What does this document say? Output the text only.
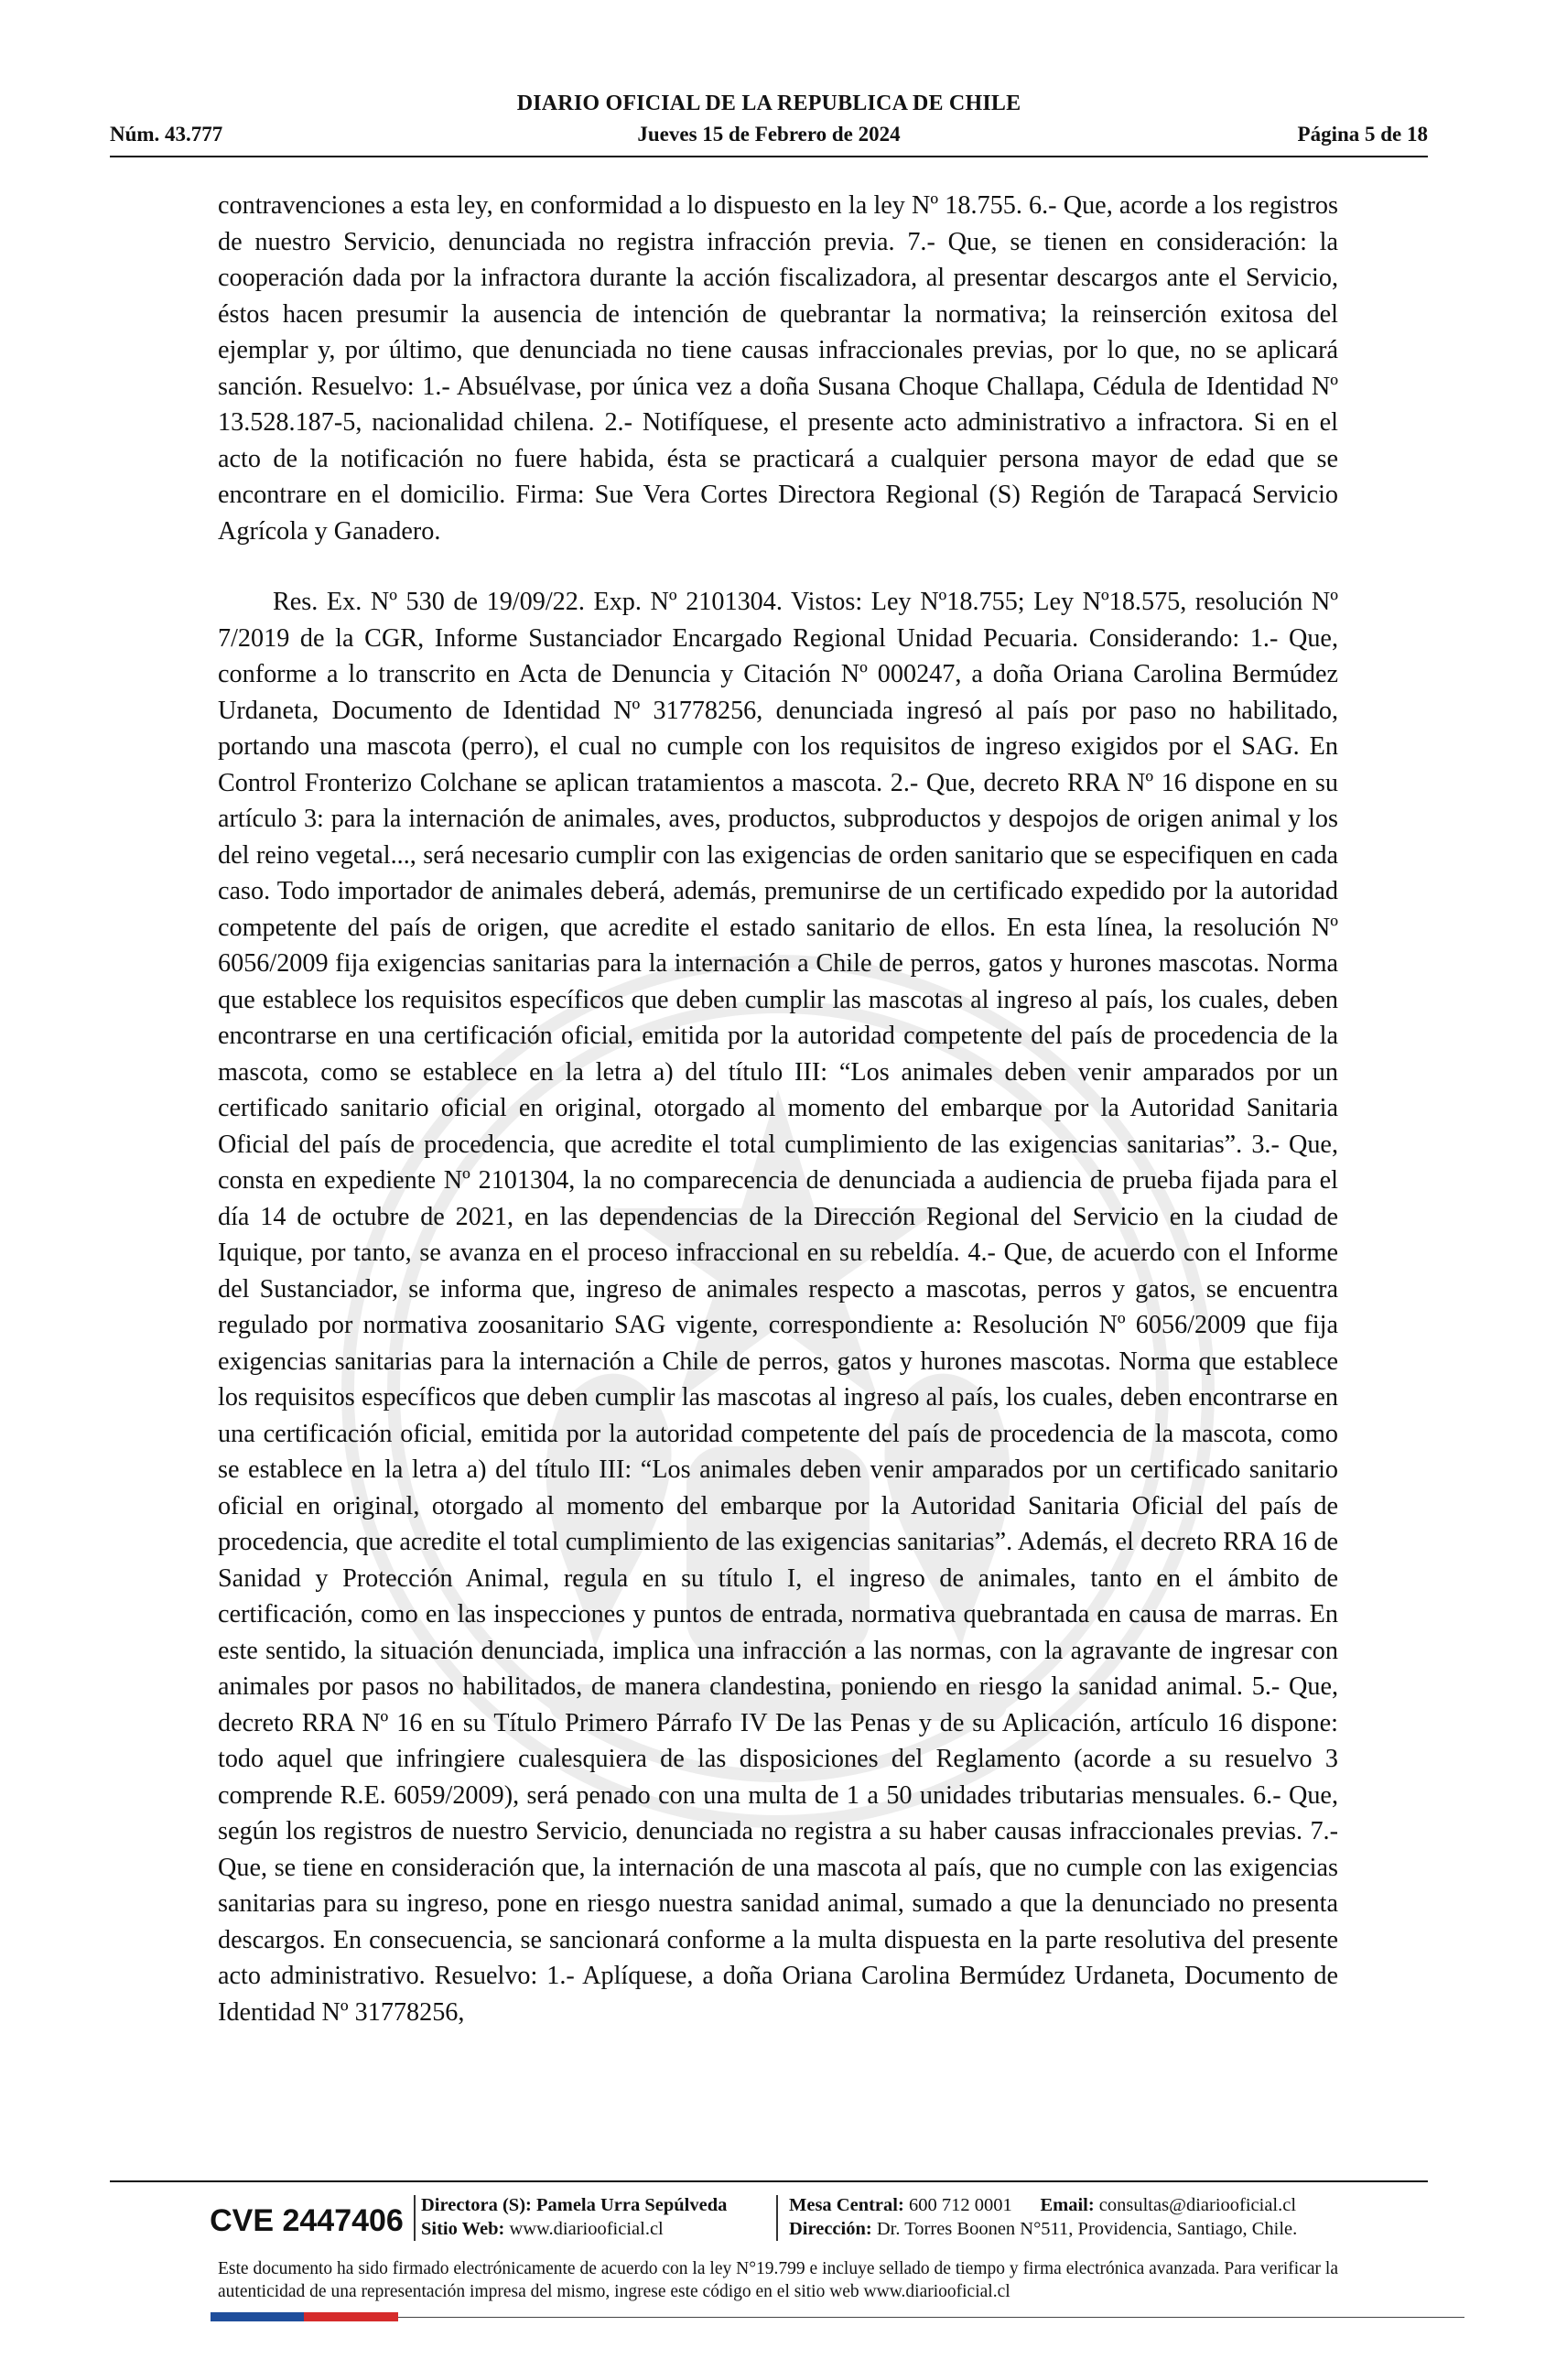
DIARIO OFICIAL DE LA REPUBLICA DE CHILE
Núm. 43.777	Jueves 15 de Febrero de 2024	Página 5 de 18

contravenciones a esta ley, en conformidad a lo dispuesto en la ley Nº 18.755. 6.- Que, acorde a los registros de nuestro Servicio, denunciada no registra infracción previa. 7.- Que, se tienen en consideración: la cooperación dada por la infractora durante la acción fiscalizadora, al presentar descargos ante el Servicio, éstos hacen presumir la ausencia de intención de quebrantar la normativa; la reinserción exitosa del ejemplar y, por último, que denunciada no tiene causas infraccionales previas, por lo que, no se aplicará sanción. Resuelvo: 1.- Absuélvase, por única vez a doña Susana Choque Challapa, Cédula de Identidad Nº 13.528.187-5, nacionalidad chilena. 2.- Notifíquese, el presente acto administrativo a infractora. Si en el acto de la notificación no fuere habida, ésta se practicará a cualquier persona mayor de edad que se encontrare en el domicilio. Firma: Sue Vera Cortes Directora Regional (S) Región de Tarapacá Servicio Agrícola y Ganadero.

Res. Ex. Nº 530 de 19/09/22. Exp. Nº 2101304. Vistos: Ley Nº18.755; Ley Nº18.575, resolución Nº 7/2019 de la CGR, Informe Sustanciador Encargado Regional Unidad Pecuaria. Considerando: 1.- Que, conforme a lo transcrito en Acta de Denuncia y Citación Nº 000247, a doña Oriana Carolina Bermúdez Urdaneta, Documento de Identidad Nº 31778256, denunciada ingresó al país por paso no habilitado, portando una mascota (perro), el cual no cumple con los requisitos de ingreso exigidos por el SAG. En Control Fronterizo Colchane se aplican tratamientos a mascota. 2.- Que, decreto RRA Nº 16 dispone en su artículo 3: para la internación de animales, aves, productos, subproductos y despojos de origen animal y los del reino vegetal..., será necesario cumplir con las exigencias de orden sanitario que se especifiquen en cada caso. Todo importador de animales deberá, además, premunirse de un certificado expedido por la autoridad competente del país de origen, que acredite el estado sanitario de ellos. En esta línea, la resolución Nº 6056/2009 fija exigencias sanitarias para la internación a Chile de perros, gatos y hurones mascotas. Norma que establece los requisitos específicos que deben cumplir las mascotas al ingreso al país, los cuales, deben encontrarse en una certificación oficial, emitida por la autoridad competente del país de procedencia de la mascota, como se establece en la letra a) del título III: “Los animales deben venir amparados por un certificado sanitario oficial en original, otorgado al momento del embarque por la Autoridad Sanitaria Oficial del país de procedencia, que acredite el total cumplimiento de las exigencias sanitarias”. 3.- Que, consta en expediente Nº 2101304, la no comparecencia de denunciada a audiencia de prueba fijada para el día 14 de octubre de 2021, en las dependencias de la Dirección Regional del Servicio en la ciudad de Iquique, por tanto, se avanza en el proceso infraccional en su rebeldía. 4.- Que, de acuerdo con el Informe del Sustanciador, se informa que, ingreso de animales respecto a mascotas, perros y gatos, se encuentra regulado por normativa zoosanitario SAG vigente, correspondiente a: Resolución Nº 6056/2009 que fija exigencias sanitarias para la internación a Chile de perros, gatos y hurones mascotas. Norma que establece los requisitos específicos que deben cumplir las mascotas al ingreso al país, los cuales, deben encontrarse en una certificación oficial, emitida por la autoridad competente del país de procedencia de la mascota, como se establece en la letra a) del título III: “Los animales deben venir amparados por un certificado sanitario oficial en original, otorgado al momento del embarque por la Autoridad Sanitaria Oficial del país de procedencia, que acredite el total cumplimiento de las exigencias sanitarias”. Además, el decreto RRA 16 de Sanidad y Protección Animal, regula en su título I, el ingreso de animales, tanto en el ámbito de certificación, como en las inspecciones y puntos de entrada, normativa quebrantada en causa de marras. En este sentido, la situación denunciada, implica una infracción a las normas, con la agravante de ingresar con animales por pasos no habilitados, de manera clandestina, poniendo en riesgo la sanidad animal. 5.- Que, decreto RRA Nº 16 en su Título Primero Párrafo IV De las Penas y de su Aplicación, artículo 16 dispone: todo aquel que infringiere cualesquiera de las disposiciones del Reglamento (acorde a su resuelvo 3 comprende R.E. 6059/2009), será penado con una multa de 1 a 50 unidades tributarias mensuales. 6.- Que, según los registros de nuestro Servicio, denunciada no registra a su haber causas infraccionales previas. 7.- Que, se tiene en consideración que, la internación de una mascota al país, que no cumple con las exigencias sanitarias para su ingreso, pone en riesgo nuestra sanidad animal, sumado a que la denunciado no presenta descargos. En consecuencia, se sancionará conforme a la multa dispuesta en la parte resolutiva del presente acto administrativo. Resuelvo: 1.- Aplíquese, a doña Oriana Carolina Bermúdez Urdaneta, Documento de Identidad Nº 31778256,

CVE 2447406 Directora (S): Pamela Urra Sepúlveda
Sitio Web: www.diariooficial.cl
Mesa Central: 600 712 0001 Email: consultas@diariooficial.cl
Dirección: Dr. Torres Boonen N°511, Providencia, Santiago, Chile.
Este documento ha sido firmado electrónicamente de acuerdo con la ley N°19.799 e incluye sellado de tiempo y firma electrónica avanzada. Para verificar la autenticidad de una representación impresa del mismo, ingrese este código en el sitio web www.diariooficial.cl
